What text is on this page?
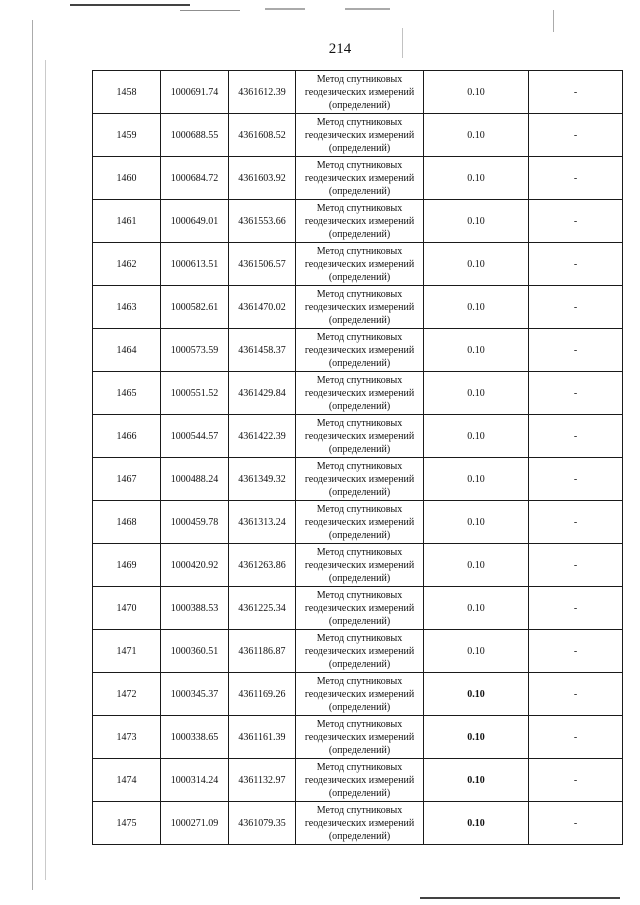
214
1458	1000691.74	4361612.39	Метод спутниковых
геодезических измерений
(определений)	0.10	-
1459	1000688.55	4361608.52	Метод спутниковых
геодезических измерений
(определений)	0.10	-
1460	1000684.72	4361603.92	Метод спутниковых
геодезических измерений
(определений)	0.10	-
1461	1000649.01	4361553.66	Метод спутниковых
геодезических измерений
(определений)	0.10	-
1462	1000613.51	4361506.57	Метод спутниковых
геодезических измерений
(определений)	0.10	-
1463	1000582.61	4361470.02	Метод спутниковых
геодезических измерений
(определений)	0.10	-
1464	1000573.59	4361458.37	Метод спутниковых
геодезических измерений
(определений)	0.10	-
1465	1000551.52	4361429.84	Метод спутниковых
геодезических измерений
(определений)	0.10	-
1466	1000544.57	4361422.39	Метод спутниковых
геодезических измерений
(определений)	0.10	-
1467	1000488.24	4361349.32	Метод спутниковых
геодезических измерений
(определений)	0.10	-
1468	1000459.78	4361313.24	Метод спутниковых
геодезических измерений
(определений)	0.10	-
1469	1000420.92	4361263.86	Метод спутниковых
геодезических измерений
(определений)	0.10	-
1470	1000388.53	4361225.34	Метод спутниковых
геодезических измерений
(определений)	0.10	-
1471	1000360.51	4361186.87	Метод спутниковых
геодезических измерений
(определений)	0.10	-
1472	1000345.37	4361169.26	Метод спутниковых
геодезических измерений
(определений)	0.10	-
1473	1000338.65	4361161.39	Метод спутниковых
геодезических измерений
(определений)	0.10	-
1474	1000314.24	4361132.97	Метод спутниковых
геодезических измерений
(определений)	0.10	-
1475	1000271.09	4361079.35	Метод спутниковых
геодезических измерений
(определений)	0.10	-
